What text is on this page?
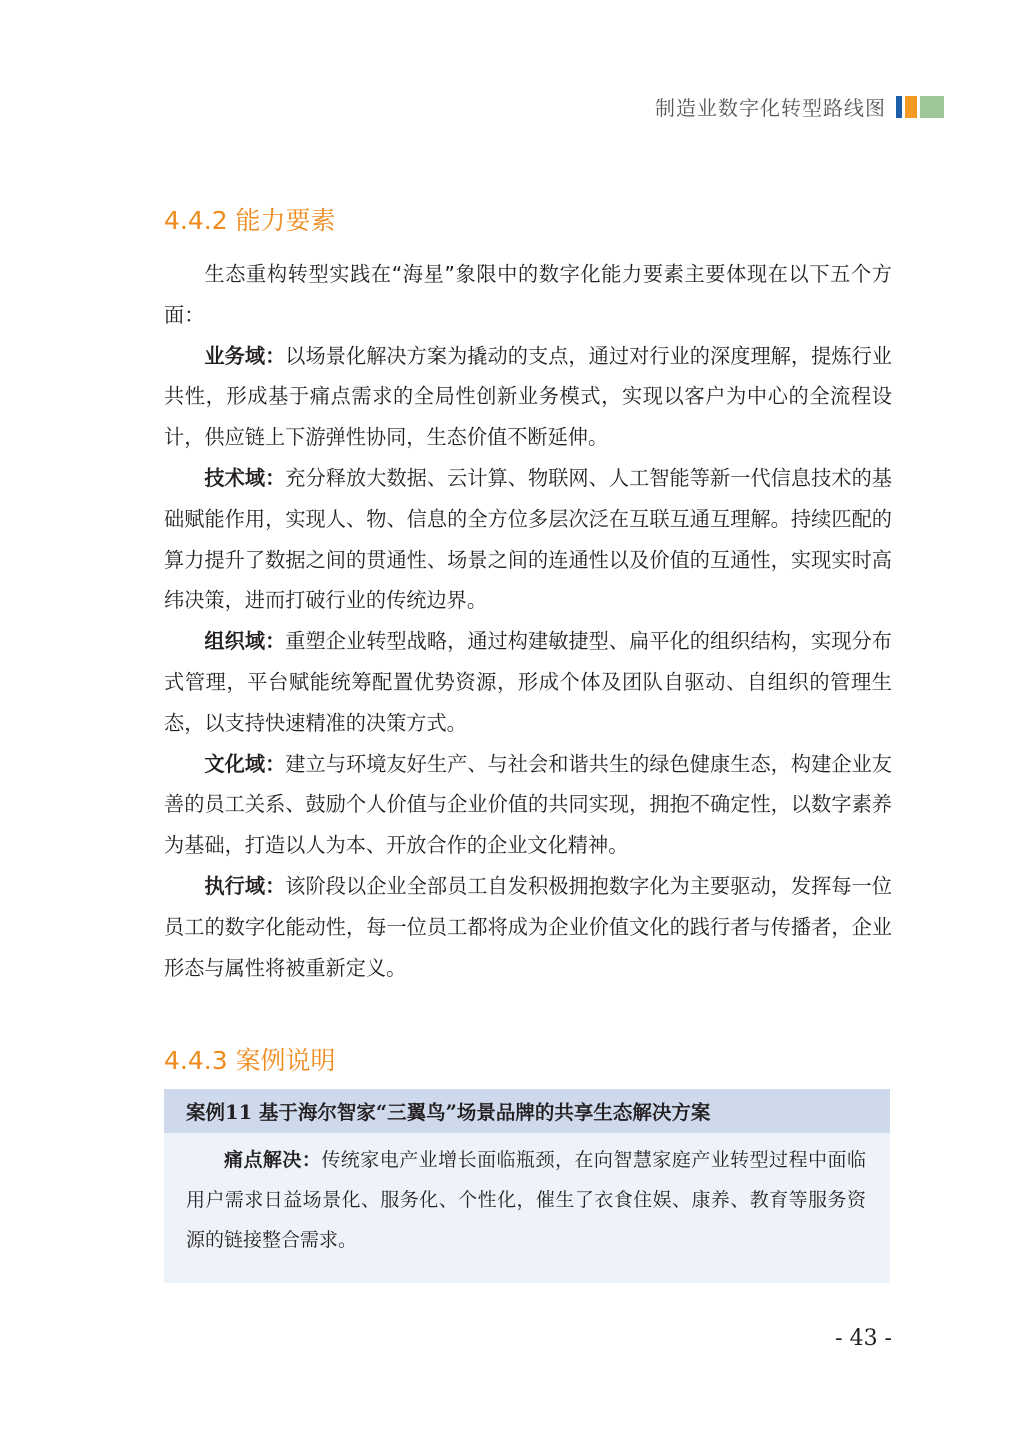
制造业数字化转型路线图
4.4.2 能力要素

生态重构转型实践在“海星”象限中的数字化能力要素主要体现在以下五个方面：

业务域：以场景化解决方案为撬动的支点，通过对行业的深度理解，提炼行业共性，形成基于痛点需求的全局性创新业务模式，实现以客户为中心的全流程设计，供应链上下游弹性协同，生态价值不断延伸。

技术域：充分释放大数据、云计算、物联网、人工智能等新一代信息技术的基础赋能作用，实现人、物、信息的全方位多层次泛在互联互通互理解。持续匹配的算力提升了数据之间的贯通性、场景之间的连通性以及价值的互通性，实现实时高纬决策，进而打破行业的传统边界。

组织域：重塑企业转型战略，通过构建敏捷型、扁平化的组织结构，实现分布式管理，平台赋能统筹配置优势资源，形成个体及团队自驱动、自组织的管理生态，以支持快速精准的决策方式。

文化域：建立与环境友好生产、与社会和谐共生的绿色健康生态，构建企业友善的员工关系、鼓励个人价值与企业价值的共同实现，拥抱不确定性，以数字素养为基础，打造以人为本、开放合作的企业文化精神。

执行域：该阶段以企业全部员工自发积极拥抱数字化为主要驱动，发挥每一位员工的数字化能动性，每一位员工都将成为企业价值文化的践行者与传播者，企业形态与属性将被重新定义。

4.4.3 案例说明
案例11 基于海尔智家“三翼鸟”场景品牌的共享生态解决方案

痛点解决：传统家电产业增长面临瓶颈，在向智慧家庭产业转型过程中面临用户需求日益场景化、服务化、个性化，催生了衣食住娱、康养、教育等服务资源的链接整合需求。

- 43 -
